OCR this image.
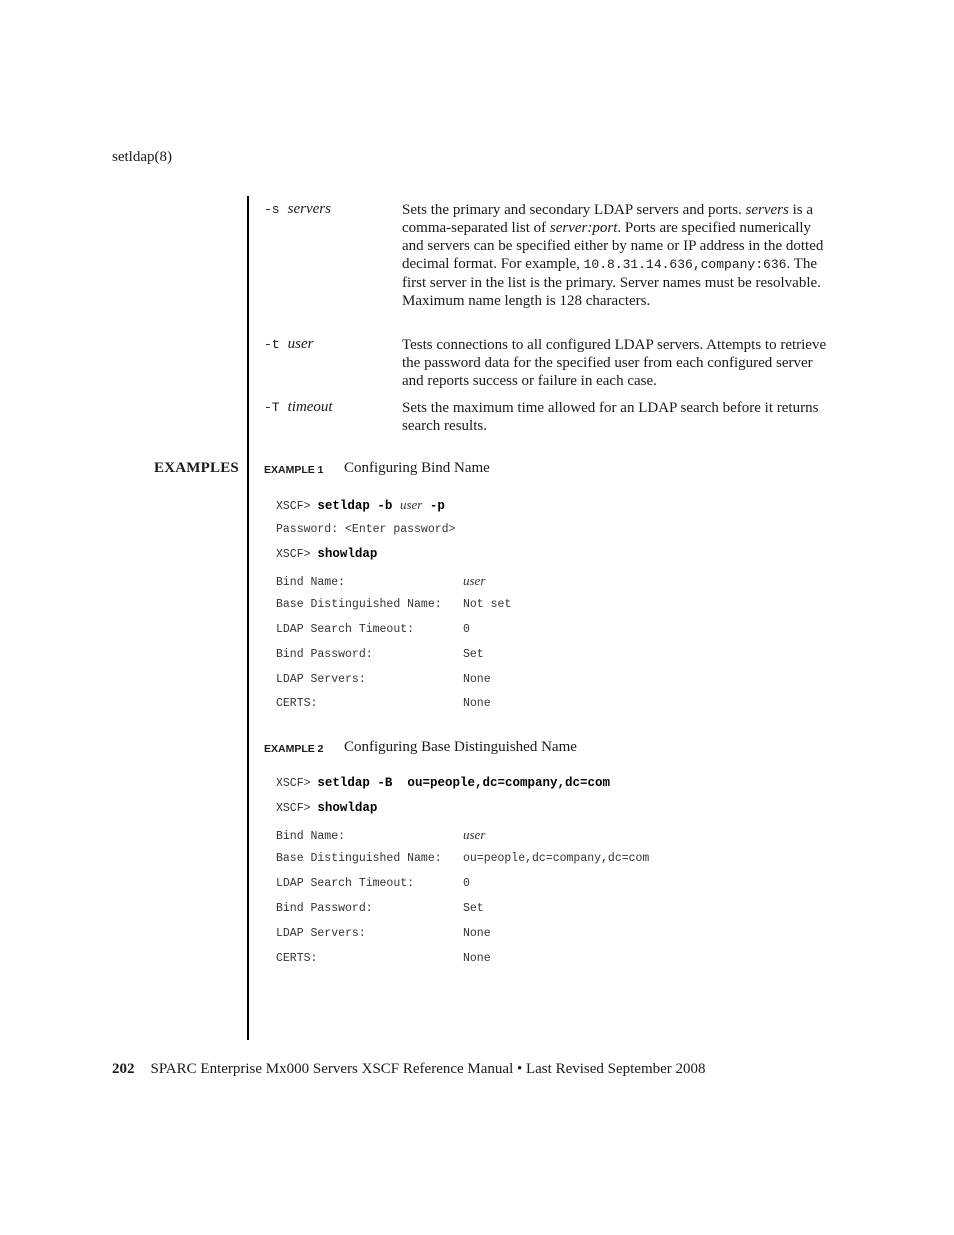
setldap(8)
-s servers	Sets the primary and secondary LDAP servers and ports. servers is a comma-separated list of server:port. Ports are specified numerically and servers can be specified either by name or IP address in the dotted decimal format. For example, 10.8.31.14.636,company:636. The first server in the list is the primary. Server names must be resolvable. Maximum name length is 128 characters.
-t user	Tests connections to all configured LDAP servers. Attempts to retrieve the password data for the specified user from each configured server and reports success or failure in each case.
-T timeout	Sets the maximum time allowed for an LDAP search before it returns search results.
EXAMPLES EXAMPLE 1 Configuring Bind Name
XSCF> setldap -b user -p
Password: <Enter password>
XSCF> showldap
Bind Name:	user
Base Distinguished Name: Not set
LDAP Search Timeout:	0
Bind Password:	Set
LDAP Servers:	None
CERTS:	None
EXAMPLE 2 Configuring Base Distinguished Name
XSCF> setldap -B  ou=people,dc=company,dc=com
XSCF> showldap
Bind Name:	user
Base Distinguished Name: ou=people,dc=company,dc=com
LDAP Search Timeout:	0
Bind Password:	Set
LDAP Servers:	None
CERTS:	None
202 SPARC Enterprise Mx000 Servers XSCF Reference Manual • Last Revised September 2008
